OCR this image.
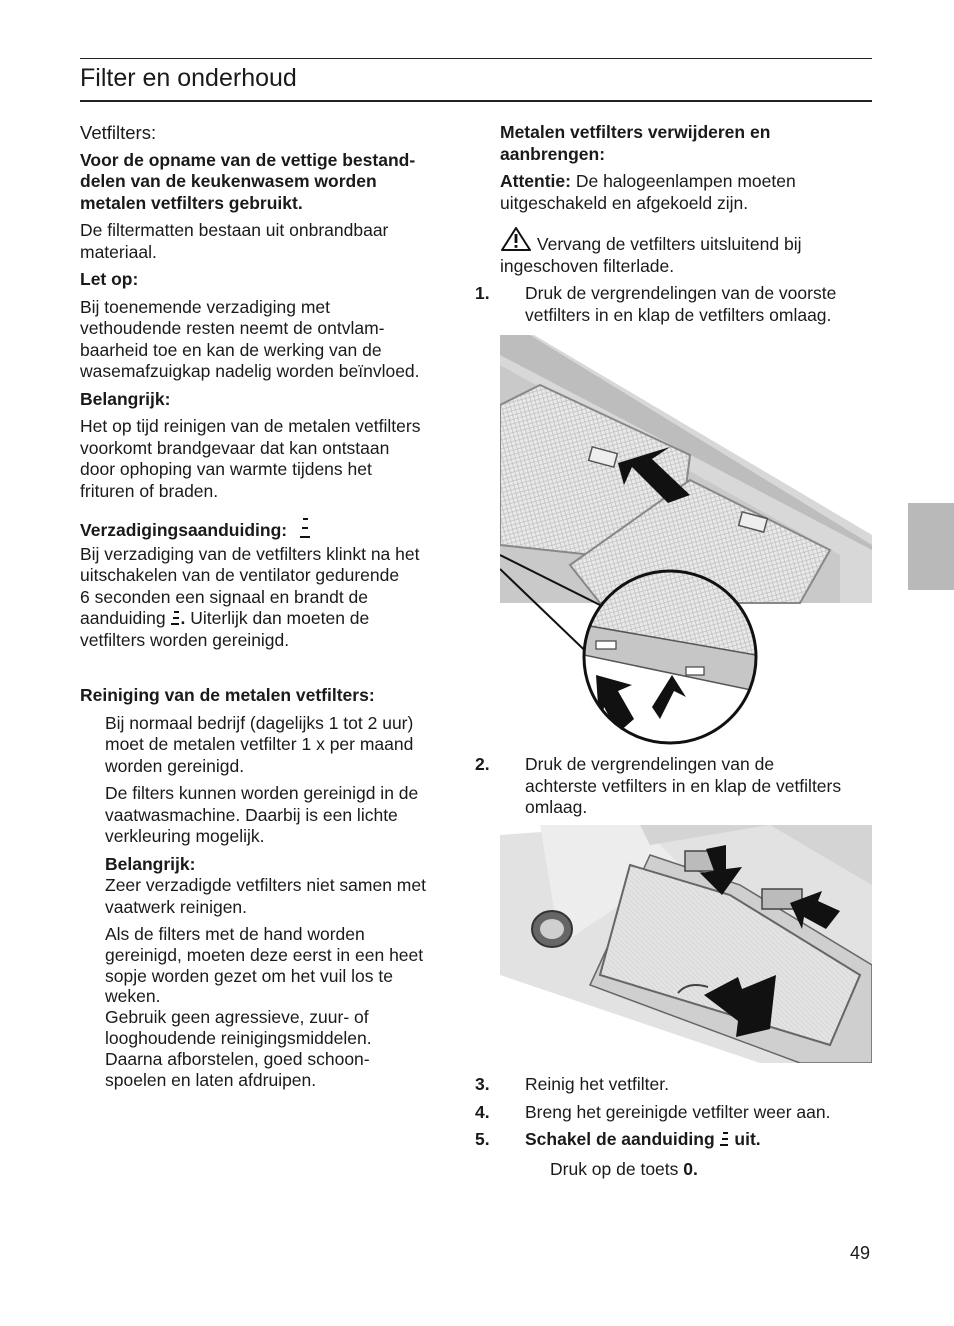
Filter en onderhoud

Vetfilters:

Voor de opname van de vettige bestand-
delen van de keukenwasem worden
metalen vetfilters gebruikt.

De filtermatten bestaan uit onbrandbaar
materiaal.

Let op:

Bij toenemende verzadiging met
vethoudende resten neemt de ontvlam-
baarheid toe en kan de werking van de
wasemafzuigkap nadelig worden beïnvloed.

Belangrijk:

Het op tijd reinigen van de metalen vetfilters
voorkomt brandgevaar dat kan ontstaan
door ophoping van warmte tijdens het
frituren of braden.

Verzadigingsaanduiding:

Bij verzadiging van de vetfilters klinkt na het
uitschakelen van de ventilator gedurende
6 seconden een signaal en brandt de
aanduiding . Uiterlijk dan moeten de
vetfilters worden gereinigd.

Reiniging van de metalen vetfilters:

Bij normaal bedrijf (dagelijks 1 tot 2 uur)
moet de metalen vetfilter 1 x per maand
worden gereinigd.

De filters kunnen worden gereinigd in de
vaatwasmachine. Daarbij is een lichte
verkleuring mogelijk.

Belangrijk:

Zeer verzadigde vetfilters niet samen met
vaatwerk reinigen.

Als de filters met de hand worden
gereinigd, moeten deze eerst in een heet
sopje worden gezet om het vuil los te
weken.
Gebruik geen agressieve, zuur- of
looghoudende reinigingsmiddelen.
Daarna afborstelen, goed schoon-
spoelen en laten afdruipen.

Metalen vetfilters verwijderen en
aanbrengen:

Attentie: De halogeenlampen moeten
uitgeschakeld en afgekoeld zijn.

Vervang de vetfilters uitsluitend bij
ingeschoven filterlade.

1. Druk de vergrendelingen van de voorste
vetfilters in en klap de vetfilters omlaag.

2. Druk de vergrendelingen van de
achterste vetfilters in en klap de vetfilters
omlaag.

3. Reinig het vetfilter.

4. Breng het gereinigde vetfilter weer aan.

5. Schakel de aanduiding uit.

Druk op de toets 0.

49
